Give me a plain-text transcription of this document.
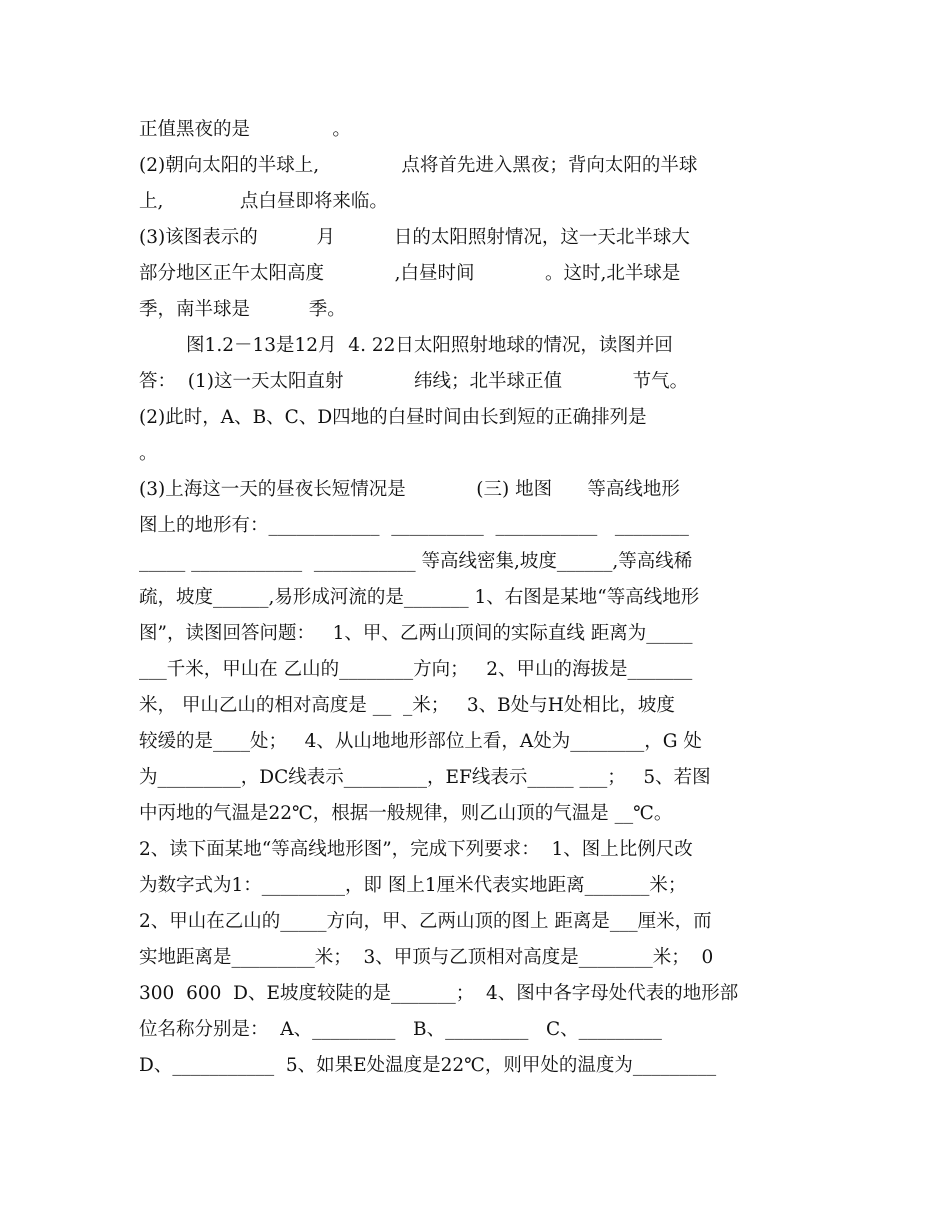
正值黑夜的是              。
(2)朝向太阳的半球上,              点将首先进入黑夜；背向太阳的半球
上,             点白昼即将来临。
(3)该图表示的          月          日的太阳照射情况，这一天北半球大
部分地区正午太阳高度            ,白昼时间            。这时,北半球是
季，南半球是          季。
图1.2－13是12月  4. 22日太阳照射地球的情况，读图并回
答：  (1)这一天太阳直射            纬线；北半球正值            节气。
(2)此时，A、B、C、D四地的白昼时间由长到短的正确排列是
。
(3)上海这一天的昼夜长短情况是            (三) 地图      等高线地形
图上的地形有：____________  __________  ___________   ________
_____ ____________  ___________ 等高线密集,坡度______,等高线稀
疏，坡度______,易形成河流的是_______ 1、右图是某地“等高线地形
图”，读图回答问题：   1、甲、乙两山顶间的实际直线 距离为_____
___千米，甲山在 乙山的________方向；   2、甲山的海拔是_______
米， 甲山乙山的相对高度是 __  _米；   3、B处与H处相比，坡度
较缓的是____处；   4、从山地地形部位上看，A处为________，G 处
为_________，DC线表示_________，EF线表示_____ ___；   5、若图
中丙地的气温是22℃，根据一般规律，则乙山顶的气温是 __℃。
2、读下面某地“等高线地形图”，完成下列要求：  1、图上比例尺改
为数字式为1：_________，即 图上1厘米代表实地距离_______米；
2、甲山在乙山的_____方向，甲、乙两山顶的图上 距离是___厘米，而
实地距离是_________米；  3、甲顶与乙顶相对高度是________米；  0
300  600  D、E坡度较陡的是_______；  4、图中各字母处代表的地形部
位名称分别是：  A、_________   B、_________   C、_________
D、___________  5、如果E处温度是22℃，则甲处的温度为_________
